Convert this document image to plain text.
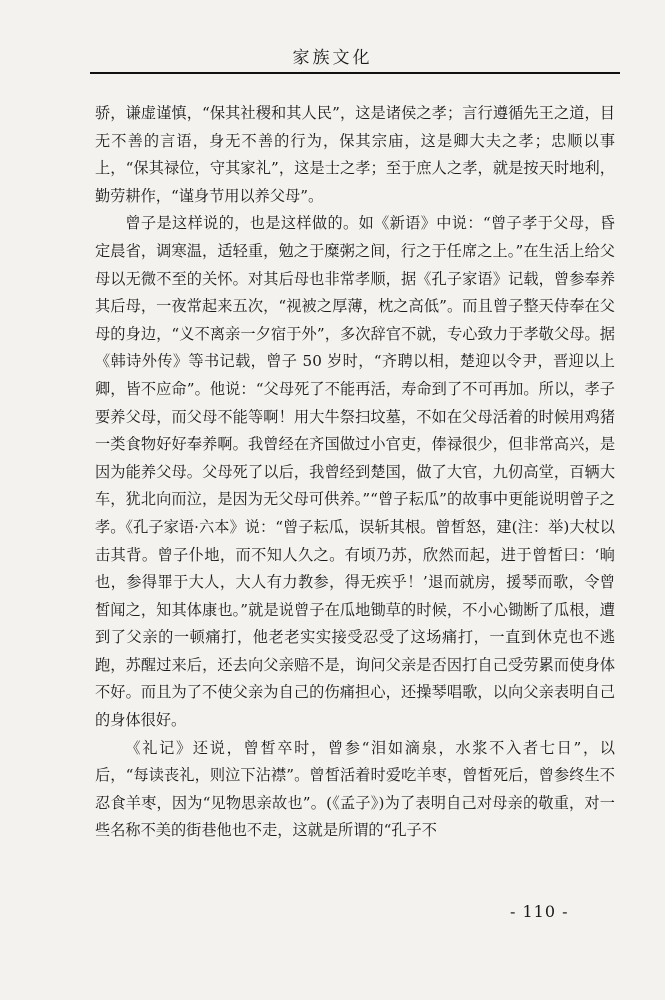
家族文化

骄，谦虚谨慎，“保其社稷和其人民”，这是诸侯之孝；言行遵循先王之道，目无不善的言语，身无不善的行为，保其宗庙，这是卿大夫之孝；忠顺以事上，“保其禄位，守其家礼”，这是士之孝；至于庶人之孝，就是按天时地利，勤劳耕作，“谨身节用以养父母”。

曾子是这样说的，也是这样做的。如《新语》中说：“曾子孝于父母，昏定晨省，调寒温，适轻重，勉之于糜粥之间，行之于任席之上。”在生活上给父母以无微不至的关怀。对其后母也非常孝顺，据《孔子家语》记载，曾参奉养其后母，一夜常起来五次，“视被之厚薄，枕之高低”。而且曾子整天侍奉在父母的身边，“义不离亲一夕宿于外”，多次辞官不就，专心致力于孝敬父母。据《韩诗外传》等书记载，曾子 50 岁时，“齐聘以相，楚迎以令尹，晋迎以上卿，皆不应命”。他说：“父母死了不能再活，寿命到了不可再加。所以，孝子要养父母，而父母不能等啊！用大牛祭扫坟墓，不如在父母活着的时候用鸡猪一类食物好好奉养啊。我曾经在齐国做过小官吏，俸禄很少，但非常高兴，是因为能养父母。父母死了以后，我曾经到楚国，做了大官，九仞高堂，百辆大车，犹北向而泣，是因为无父母可供养。”“曾子耘瓜”的故事中更能说明曾子之孝。《孔子家语·六本》说：“曾子耘瓜，误斩其根。曾皙怒，建(注：举)大杖以击其背。曾子仆地，而不知人久之。有顷乃苏，欣然而起，进于曾皙曰：‘晌也，参得罪于大人，大人有力教参，得无疾乎！’退而就房，援琴而歌，令曾皙闻之，知其体康也。”就是说曾子在瓜地锄草的时候，不小心锄断了瓜根，遭到了父亲的一顿痛打，他老老实实接受忍受了这场痛打，一直到休克也不逃跑，苏醒过来后，还去向父亲赔不是，询问父亲是否因打自己受劳累而使身体不好。而且为了不使父亲为自己的伤痛担心，还操琴唱歌，以向父亲表明自己的身体很好。

《礼记》还说，曾皙卒时，曾参“泪如滴泉，水浆不入者七日”，以后，“每读丧礼，则泣下沾襟”。曾皙活着时爱吃羊枣，曾皙死后，曾参终生不忍食羊枣，因为“见物思亲故也”。(《孟子》)为了表明自己对母亲的敬重，对一些名称不美的街巷他也不走，这就是所谓的“孔子不

- 110 -
